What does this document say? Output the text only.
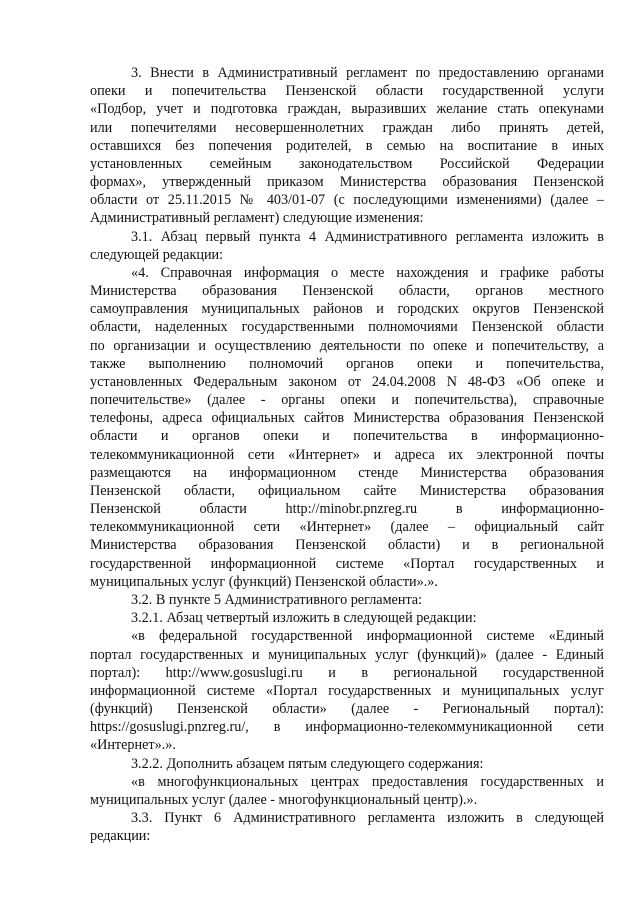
3. Внести в Административный регламент по предоставлению органами
опеки и попечительства Пензенской области государственной услуги
«Подбор, учет и подготовка граждан, выразивших желание стать опекунами
или попечителями несовершеннолетних граждан либо принять детей,
оставшихся без попечения родителей, в семью на воспитание в иных
установленных семейным законодательством Российской Федерации
формах», утвержденный приказом Министерства образования Пензенской
области от 25.11.2015 № 403/01-07 (с последующими изменениями) (далее –
Административный регламент) следующие изменения:
3.1. Абзац первый пункта 4 Административного регламента изложить в
следующей редакции:
«4. Справочная информация о месте нахождения и графике работы
Министерства образования Пензенской области, органов местного
самоуправления муниципальных районов и городских округов Пензенской
области, наделенных государственными полномочиями Пензенской области
по организации и осуществлению деятельности по опеке и попечительству, а
также выполнению полномочий органов опеки и попечительства,
установленных Федеральным законом от 24.04.2008 N 48-ФЗ «Об опеке и
попечительстве» (далее - органы опеки и попечительства), справочные
телефоны, адреса официальных сайтов Министерства образования Пензенской
области и органов опеки и попечительства в информационно-
телекоммуникационной сети «Интернет» и адреса их электронной почты
размещаются на информационном стенде Министерства образования
Пензенской области, официальном сайте Министерства образования
Пензенской области http://minobr.pnzreg.ru в информационно-
телекоммуникационной сети «Интернет» (далее – официальный сайт
Министерства образования Пензенской области) и в региональной
государственной информационной системе «Портал государственных и
муниципальных услуг (функций) Пензенской области».».
3.2. В пункте 5 Административного регламента:
3.2.1. Абзац четвертый изложить в следующей редакции:
«в федеральной государственной информационной системе «Единый
портал государственных и муниципальных услуг (функций)» (далее - Единый
портал): http://www.gosuslugi.ru и в региональной государственной
информационной системе «Портал государственных и муниципальных услуг
(функций) Пензенской области» (далее - Региональный портал):
https://gosuslugi.pnzreg.ru/, в информационно-телекоммуникационной сети
«Интернет».».
3.2.2. Дополнить абзацем пятым следующего содержания:
«в многофункциональных центрах предоставления государственных и
муниципальных услуг (далее - многофункциональный центр).».
3.3. Пункт 6 Административного регламента изложить в следующей
редакции:
